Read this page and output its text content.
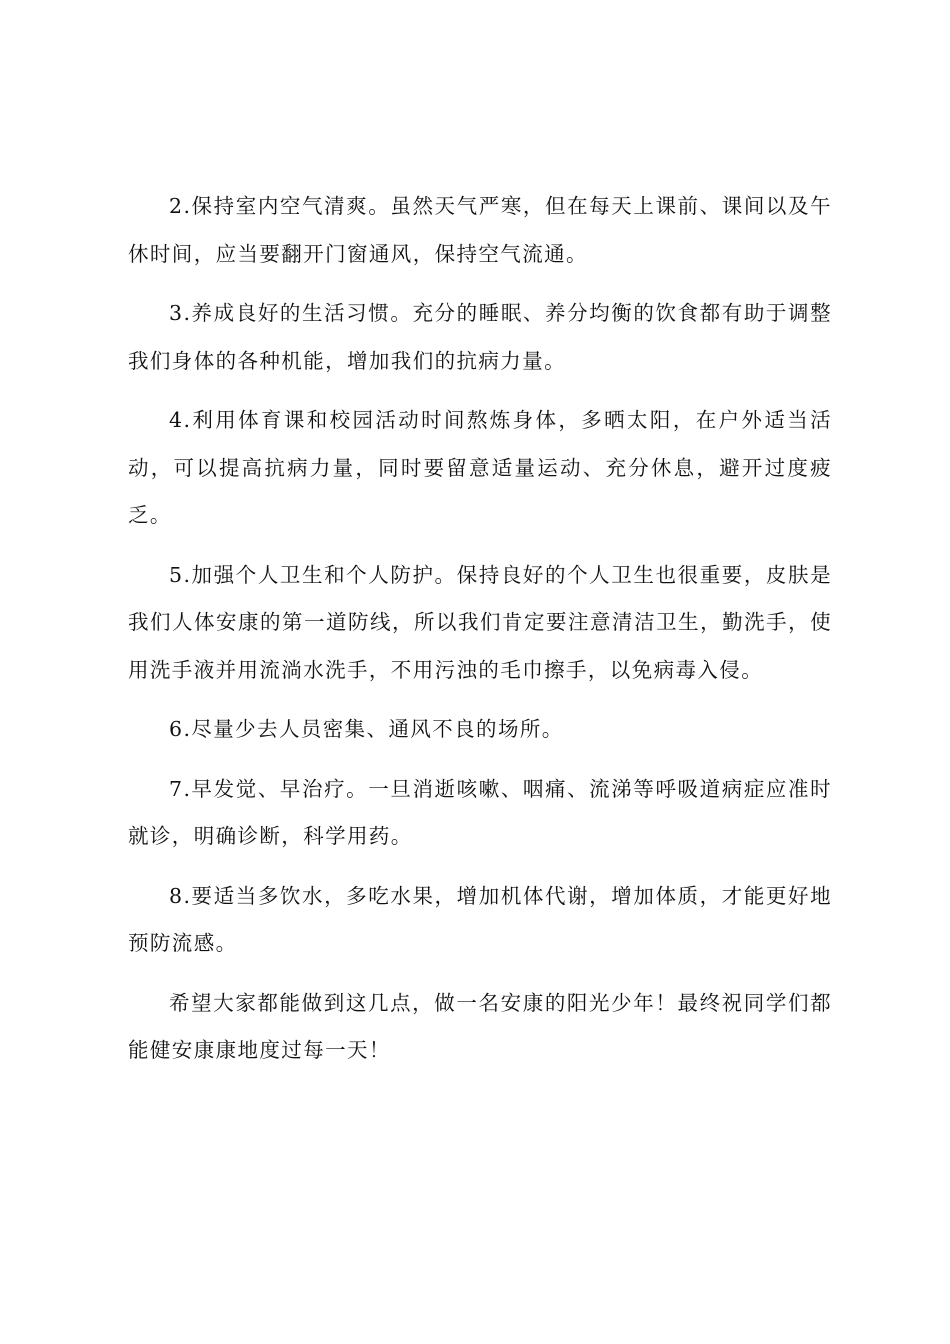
2.保持室内空气清爽。虽然天气严寒，但在每天上课前、课间以及午休时间，应当要翻开门窗通风，保持空气流通。

3.养成良好的生活习惯。充分的睡眠、养分均衡的饮食都有助于调整我们身体的各种机能，增加我们的抗病力量。

4.利用体育课和校园活动时间熬炼身体，多晒太阳，在户外适当活动，可以提高抗病力量，同时要留意适量运动、充分休息，避开过度疲乏。

5.加强个人卫生和个人防护。保持良好的个人卫生也很重要，皮肤是我们人体安康的第一道防线，所以我们肯定要注意清洁卫生，勤洗手，使用洗手液并用流淌水洗手，不用污浊的毛巾擦手，以免病毒入侵。

6.尽量少去人员密集、通风不良的场所。

7.早发觉、早治疗。一旦消逝咳嗽、咽痛、流涕等呼吸道病症应准时就诊，明确诊断，科学用药。

8.要适当多饮水，多吃水果，增加机体代谢，增加体质，才能更好地预防流感。

希望大家都能做到这几点，做一名安康的阳光少年！最终祝同学们都能健安康康地度过每一天！
